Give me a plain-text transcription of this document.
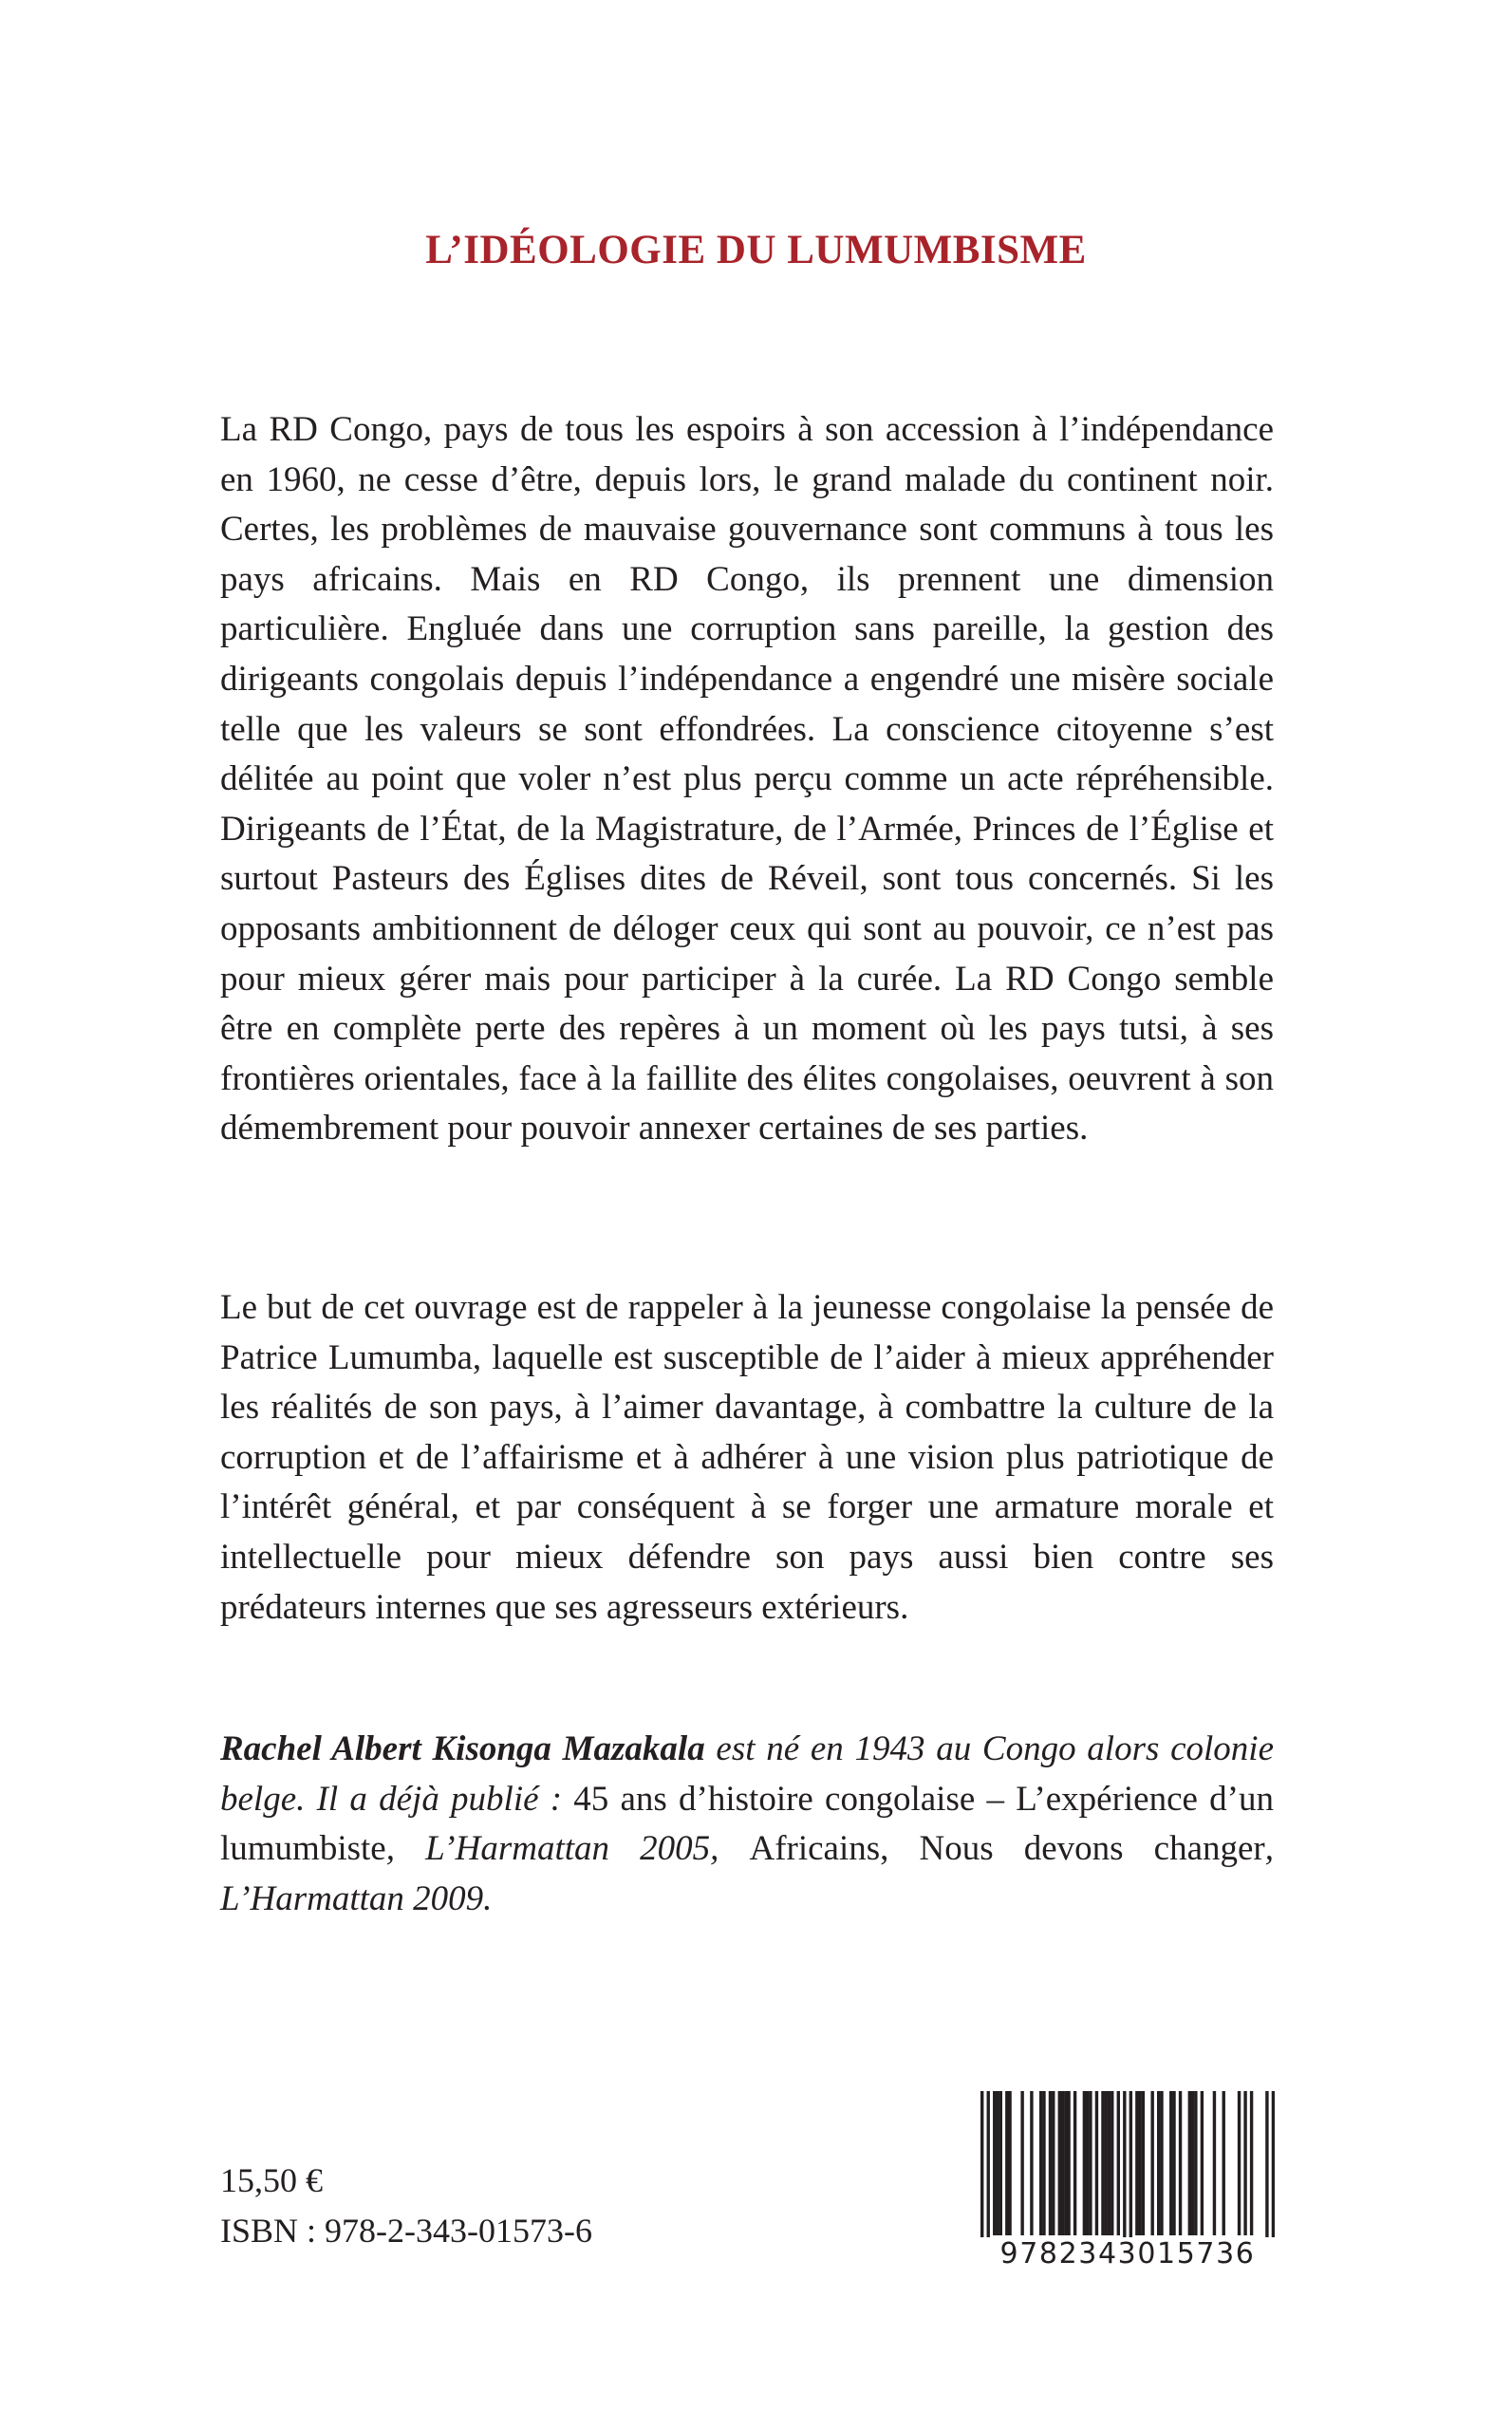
L’IDÉOLOGIE DU LUMUMBISME

La RD Congo, pays de tous les espoirs à son accession à l’indépendance en 1960, ne cesse d’être, depuis lors, le grand malade du continent noir. Certes, les problèmes de mauvaise gouvernance sont communs à tous les pays africains. Mais en RD Congo, ils prennent une dimension particulière. Engluée dans une corruption sans pareille, la gestion des dirigeants congolais depuis l’indépendance a engendré une misère sociale telle que les valeurs se sont effondrées. La conscience citoyenne s’est délitée au point que voler n’est plus perçu comme un acte répréhensible. Dirigeants de l’État, de la Magistrature, de l’Armée, Princes de l’Église et surtout Pasteurs des Églises dites de Réveil, sont tous concernés. Si les opposants ambitionnent de déloger ceux qui sont au pouvoir, ce n’est pas pour mieux gérer mais pour participer à la curée. La RD Congo semble être en complète perte des repères à un moment où les pays tutsi, à ses frontières orientales, face à la faillite des élites congolaises, oeuvrent à son démembrement pour pouvoir annexer certaines de ses parties.

Le but de cet ouvrage est de rappeler à la jeunesse congolaise la pensée de Patrice Lumumba, laquelle est susceptible de l’aider à mieux appréhender les réalités de son pays, à l’aimer davantage, à combattre la culture de la corruption et de l’affairisme et à adhérer à une vision plus patriotique de l’intérêt général, et par conséquent à se forger une armature morale et intellectuelle pour mieux défendre son pays aussi bien contre ses prédateurs internes que ses agresseurs extérieurs.

Rachel Albert Kisonga Mazakala est né en 1943 au Congo alors colonie belge. Il a déjà publié : 45 ans d’histoire congolaise – L’expérience d’un lumumbiste, L’Harmattan 2005, Africains, Nous devons changer, L’Harmattan 2009.

15,50 €
ISBN : 978-2-343-01573-6
9782343015736
